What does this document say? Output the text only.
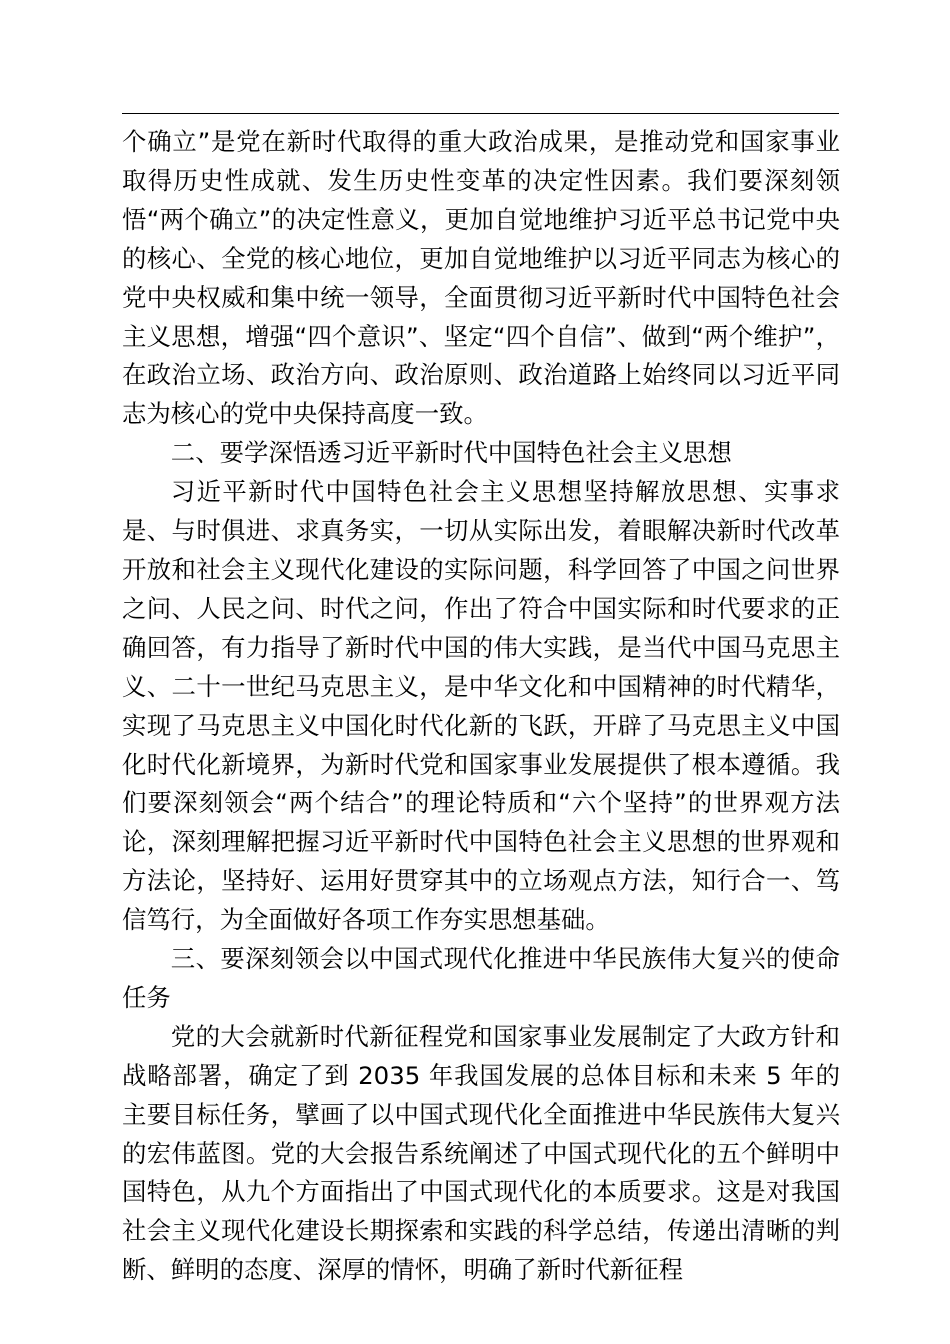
个确立”是党在新时代取得的重大政治成果，是推动党和国家事业取得历史性成就、发生历史性变革的决定性因素。我们要深刻领悟“两个确立”的决定性意义，更加自觉地维护习近平总书记党中央的核心、全党的核心地位，更加自觉地维护以习近平同志为核心的党中央权威和集中统一领导，全面贯彻习近平新时代中国特色社会主义思想，增强“四个意识”、坚定“四个自信”、做到“两个维护”，在政治立场、政治方向、政治原则、政治道路上始终同以习近平同志为核心的党中央保持高度一致。

二、要学深悟透习近平新时代中国特色社会主义思想

习近平新时代中国特色社会主义思想坚持解放思想、实事求是、与时俱进、求真务实，一切从实际出发，着眼解决新时代改革开放和社会主义现代化建设的实际问题，科学回答了中国之问世界之问、人民之问、时代之问，作出了符合中国实际和时代要求的正确回答，有力指导了新时代中国的伟大实践，是当代中国马克思主义、二十一世纪马克思主义，是中华文化和中国精神的时代精华，实现了马克思主义中国化时代化新的飞跃，开辟了马克思主义中国化时代化新境界，为新时代党和国家事业发展提供了根本遵循。我们要深刻领会“两个结合”的理论特质和“六个坚持”的世界观方法论，深刻理解把握习近平新时代中国特色社会主义思想的世界观和方法论，坚持好、运用好贯穿其中的立场观点方法，知行合一、笃信笃行，为全面做好各项工作夯实思想基础。

三、要深刻领会以中国式现代化推进中华民族伟大复兴的使命任务

党的大会就新时代新征程党和国家事业发展制定了大政方针和战略部署，确定了到 2035 年我国发展的总体目标和未来 5 年的主要目标任务，擘画了以中国式现代化全面推进中华民族伟大复兴的宏伟蓝图。党的大会报告系统阐述了中国式现代化的五个鲜明中国特色，从九个方面指出了中国式现代化的本质要求。这是对我国社会主义现代化建设长期探索和实践的科学总结，传递出清晰的判断、鲜明的态度、深厚的情怀，明确了新时代新征程
